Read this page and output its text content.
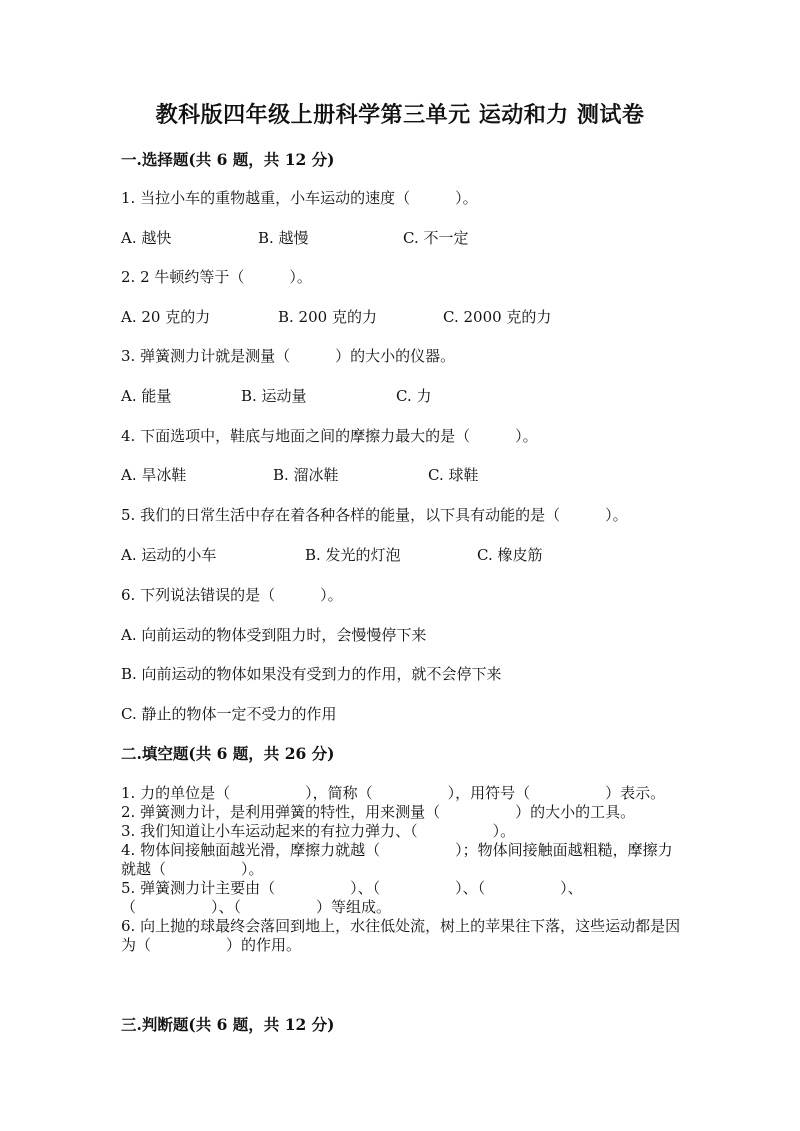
教科版四年级上册科学第三单元 运动和力 测试卷
一.选择题(共 6 题，共 12 分)
1. 当拉小车的重物越重，小车运动的速度（　　　）。
A. 越快	B. 越慢	C. 不一定
2. 2 牛顿约等于（　　　）。
A. 20 克的力	B. 200 克的力	C. 2000 克的力
3. 弹簧测力计就是测量（　　　）的大小的仪器。
A. 能量	B. 运动量	C. 力
4. 下面选项中，鞋底与地面之间的摩擦力最大的是（　　　）。
A. 旱冰鞋	B. 溜冰鞋	C. 球鞋
5. 我们的日常生活中存在着各种各样的能量，以下具有动能的是（　　　）。
A. 运动的小车	B. 发光的灯泡	C. 橡皮筋
6. 下列说法错误的是（　　　）。
A. 向前运动的物体受到阻力时，会慢慢停下来
B. 向前运动的物体如果没有受到力的作用，就不会停下来
C. 静止的物体一定不受力的作用
二.填空题(共 6 题，共 26 分)
1. 力的单位是（　　　　　），简称（　　　　　），用符号（　　　　　）表示。
2. 弹簧测力计，是利用弹簧的特性，用来测量（　　　　　）的大小的工具。
3. 我们知道让小车运动起来的有拉力弹力、（　　　　　）。
4. 物体间接触面越光滑，摩擦力就越（　　　　　）；物体间接触面越粗糙，摩擦力就越（　　　　　）。
5. 弹簧测力计主要由（　　　　　）、（　　　　　）、（　　　　　）、（　　　　　）、（　　　　　）等组成。
6. 向上抛的球最终会落回到地上，水往低处流，树上的苹果往下落，这些运动都是因为（　　　　　）的作用。
三.判断题(共 6 题，共 12 分)
